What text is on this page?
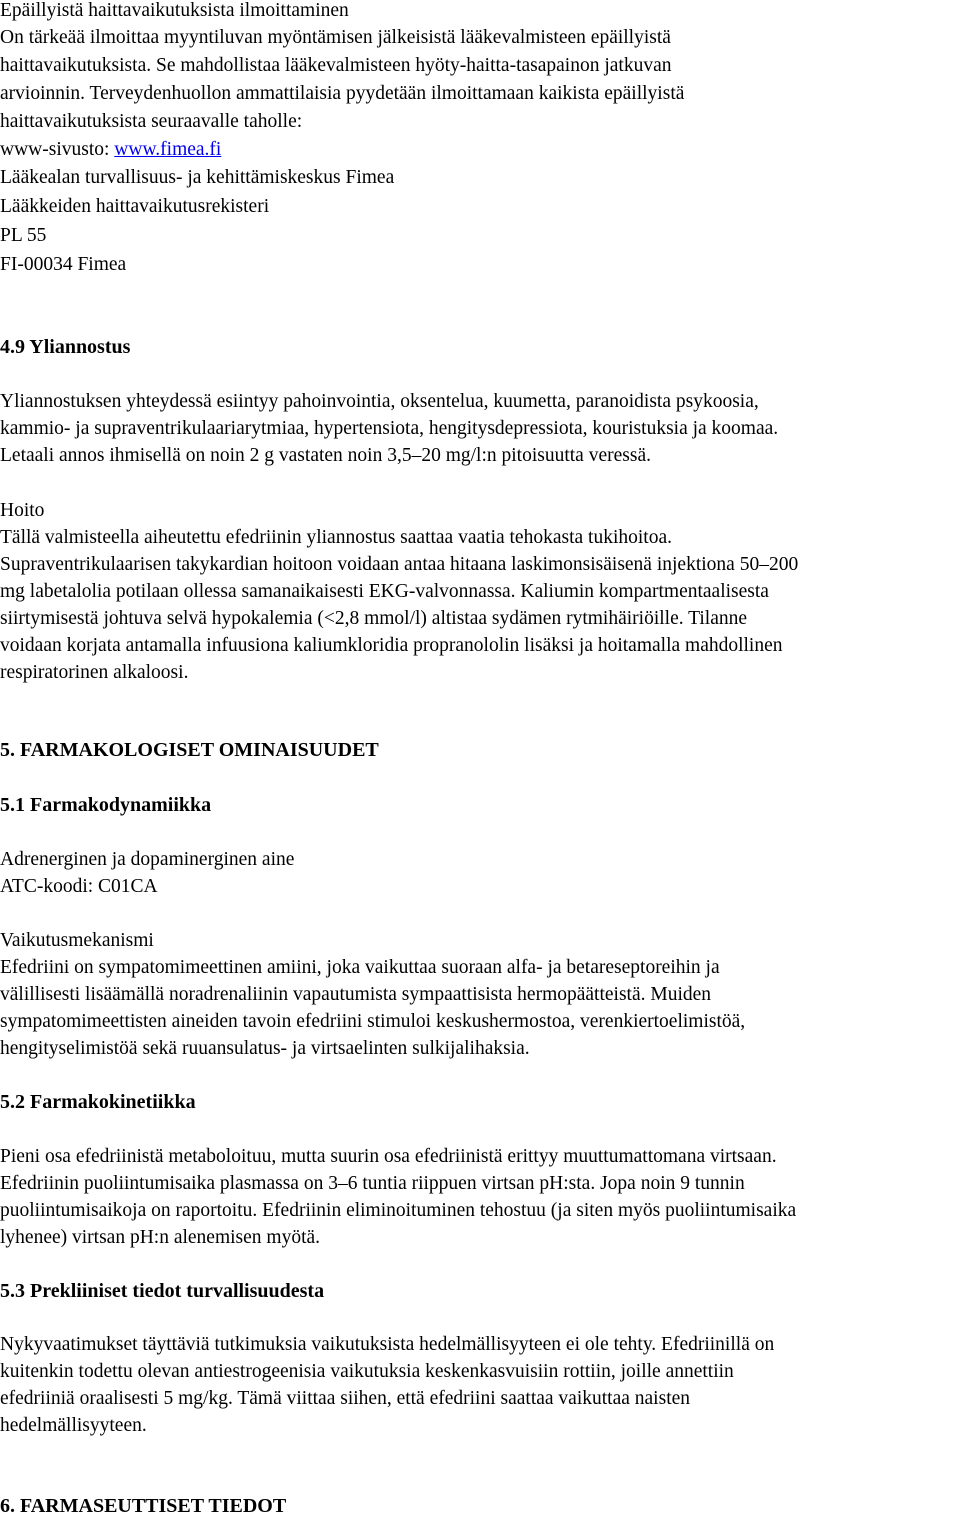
Epäillyistä haittavaikutuksista ilmoittaminen

On tärkeää ilmoittaa myyntiluvan myöntämisen jälkeisistä lääkevalmisteen epäillyistä

haittavaikutuksista. Se mahdollistaa lääkevalmisteen hyöty-haitta-tasapainon jatkuvan

arvioinnin. Terveydenhuollon ammattilaisia pyydetään ilmoittamaan kaikista epäillyistä

haittavaikutuksista seuraavalle taholle:

www-sivusto: www.fimea.fi

Lääkealan turvallisuus- ja kehittämiskeskus Fimea

Lääkkeiden haittavaikutusrekisteri

PL 55

FI-00034 Fimea

4.9 Yliannostus

Yliannostuksen yhteydessä esiintyy pahoinvointia, oksentelua, kuumetta, paranoidista psykoosia,

kammio- ja supraventrikulaariarytmiaa, hypertensiota, hengitysdepressiota, kouristuksia ja koomaa.

Letaali annos ihmisellä on noin 2 g vastaten noin 3,5‒20 mg/l:n pitoisuutta veressä.

Hoito

Tällä valmisteella aiheutettu efedriinin yliannostus saattaa vaatia tehokasta tukihoitoa.

Supraventrikulaarisen takykardian hoitoon voidaan antaa hitaana laskimonsisäisenä injektiona 50‒200

mg labetalolia potilaan ollessa samanaikaisesti EKG-valvonnassa. Kaliumin kompartmentaalisesta

siirtymisestä johtuva selvä hypokalemia (<2,8 mmol/l) altistaa sydämen rytmihäiriöille. Tilanne

voidaan korjata antamalla infuusiona kaliumkloridia propranololin lisäksi ja hoitamalla mahdollinen

respiratorinen alkaloosi.

5. FARMAKOLOGISET OMINAISUUDET

5.1 Farmakodynamiikka

Adrenerginen ja dopaminerginen aine

ATC-koodi: C01CA

Vaikutusmekanismi

Efedriini on sympatomimeettinen amiini, joka vaikuttaa suoraan alfa- ja betareseptoreihin ja

välillisesti lisäämällä noradrenaliinin vapautumista sympaattisista hermopäätteistä. Muiden

sympatomimeettisten aineiden tavoin efedriini stimuloi keskushermostoa, verenkiertoelimistöä,

hengityselimistöä sekä ruuansulatus- ja virtsaelinten sulkijalihaksia.

5.2 Farmakokinetiikka

Pieni osa efedriinistä metaboloituu, mutta suurin osa efedriinistä erittyy muuttumattomana virtsaan.

Efedriinin puoliintumisaika plasmassa on 3‒6 tuntia riippuen virtsan pH:sta. Jopa noin 9 tunnin

puoliintumisaikoja on raportoitu. Efedriinin eliminoituminen tehostuu (ja siten myös puoliintumisaika

lyhenee) virtsan pH:n alenemisen myötä.

5.3 Prekliiniset tiedot turvallisuudesta

Nykyvaatimukset täyttäviä tutkimuksia vaikutuksista hedelmällisyyteen ei ole tehty. Efedriinillä on

kuitenkin todettu olevan antiestrogeenisia vaikutuksia keskenkasvuisiin rottiin, joille annettiin

efedriiniä oraalisesti 5 mg/kg. Tämä viittaa siihen, että efedriini saattaa vaikuttaa naisten

hedelmällisyyteen.

6. FARMASEUTTISET TIEDOT
